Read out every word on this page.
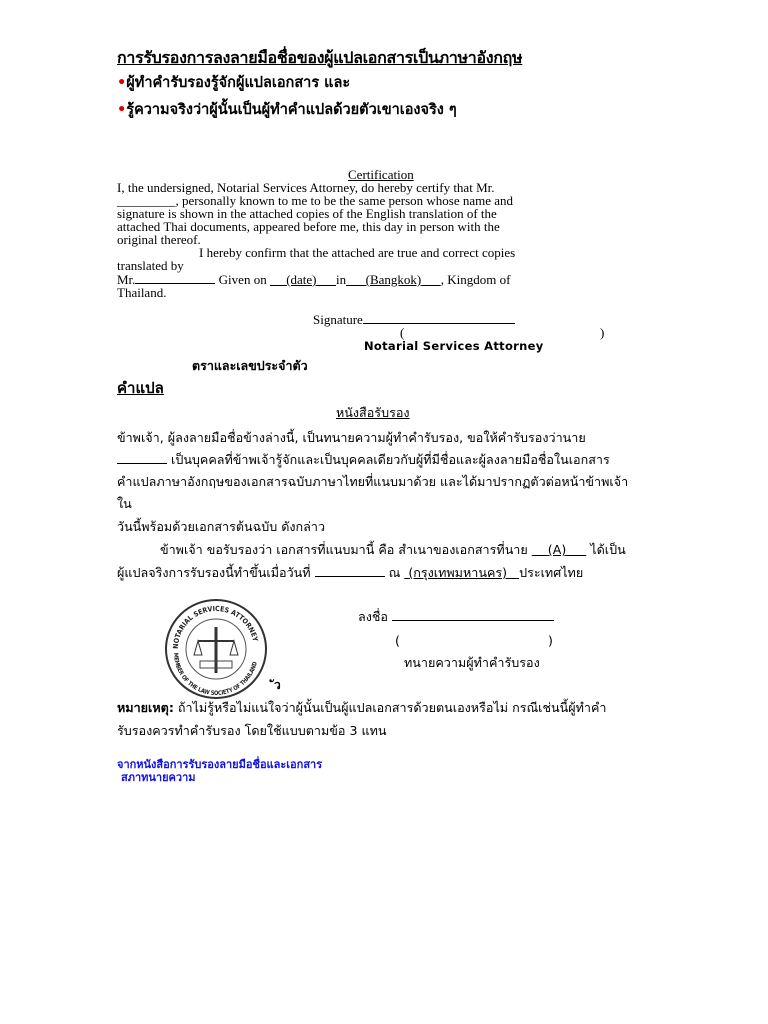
การรับรองการลงลายมือชื่อของผู้แปลเอกสารเป็นภาษาอังกฤษ
•ผู้ทำคำรับรองรู้จักผู้แปลเอกสาร และ
•รู้ความจริงว่าผู้นั้นเป็นผู้ทำคำแปลด้วยตัวเขาเองจริง ๆ
Certification
I, the undersigned, Notarial Services Attorney, do hereby certify that Mr.
_________, personally known to me to be the same person whose name and
signature is shown in the attached copies of the English translation of the
attached Thai documents, appeared before me, this day in person with the
original thereof.
I hereby confirm that the attached are true and correct copies
translated by
Mr.	Given on (date) in (Bangkok) , Kingdom of
Thailand.
Signature
(	)
Notarial Services Attorney
ตราและเลขประจำตัว
คำแปล
หนังสือรับรอง
ข้าพเจ้า, ผู้ลงลายมือชื่อข้างล่างนี้, เป็นทนายความผู้ทำคำรับรอง, ขอให้คำรับรองว่านาย
เป็นบุคคลที่ข้าพเจ้ารู้จักและเป็นบุคคลเดียวกับผู้ที่มีชื่อและผู้ลงลายมือชื่อในเอกสาร
คำแปลภาษาอังกฤษของเอกสารฉบับภาษาไทยที่แนบมาด้วย และได้มาปรากฏตัวต่อหน้าข้าพเจ้า
ใน
วันนี้พร้อมด้วยเอกสารต้นฉบับ ดังกล่าว
ข้าพเจ้า ขอรับรองว่า เอกสารที่แนบมานี้ คือ สำเนาของเอกสารที่นาย (A) ได้เป็น
ผู้แปลจริงการรับรองนี้ทำขึ้นเมื่อวันที่	ณ (กรุงเทพมหานคร) ประเทศไทย
NOTARIAL SERVICES ATTORNEY
MEMBER OF THE LAW SOCIETY OF THAILAND
ลงชื่อ
(	)
ทนายความผู้ทำคำรับรอง
ัว
หมายเหตุ: ถ้าไม่รู้หรือไม่แน่ใจว่าผู้นั้นเป็นผู้แปลเอกสารด้วยตนเองหรือไม่ กรณีเช่นนี้ผู้ทำคำ
รับรองควรทำคำรับรอง โดยใช้แบบตามข้อ 3 แทน
จากหนังสือการรับรองลายมือชื่อและเอกสาร
สภาทนายความ
